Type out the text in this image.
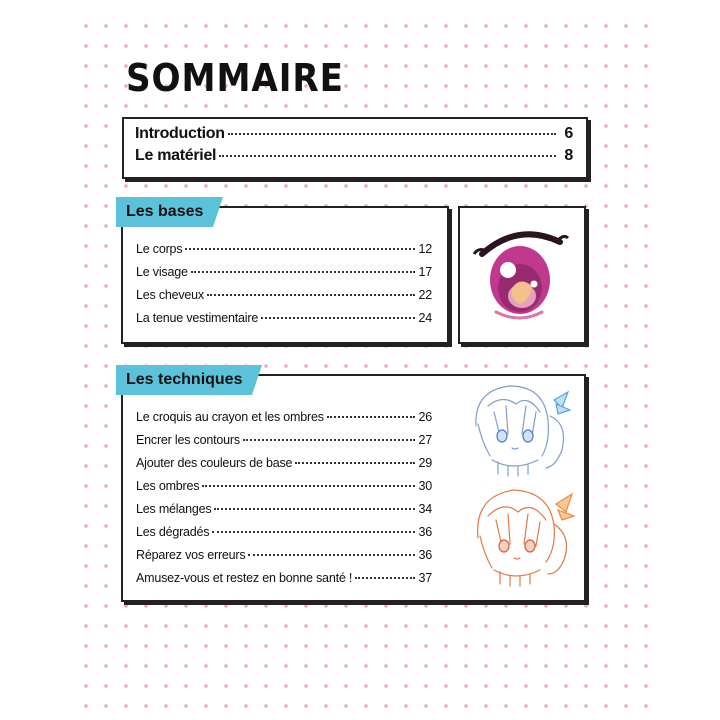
SOMMAIRE
Introduction	6
Le matériel	8
Les bases
Le corps	12
Le visage	17
Les cheveux	22
La tenue vestimentaire	24
Les techniques
Le croquis au crayon et les ombres	26
Encrer les contours	27
Ajouter des couleurs de base	29
Les ombres	30
Les mélanges	34
Les dégradés	36
Réparez vos erreurs	36
Amusez-vous et restez en bonne santé !	37
